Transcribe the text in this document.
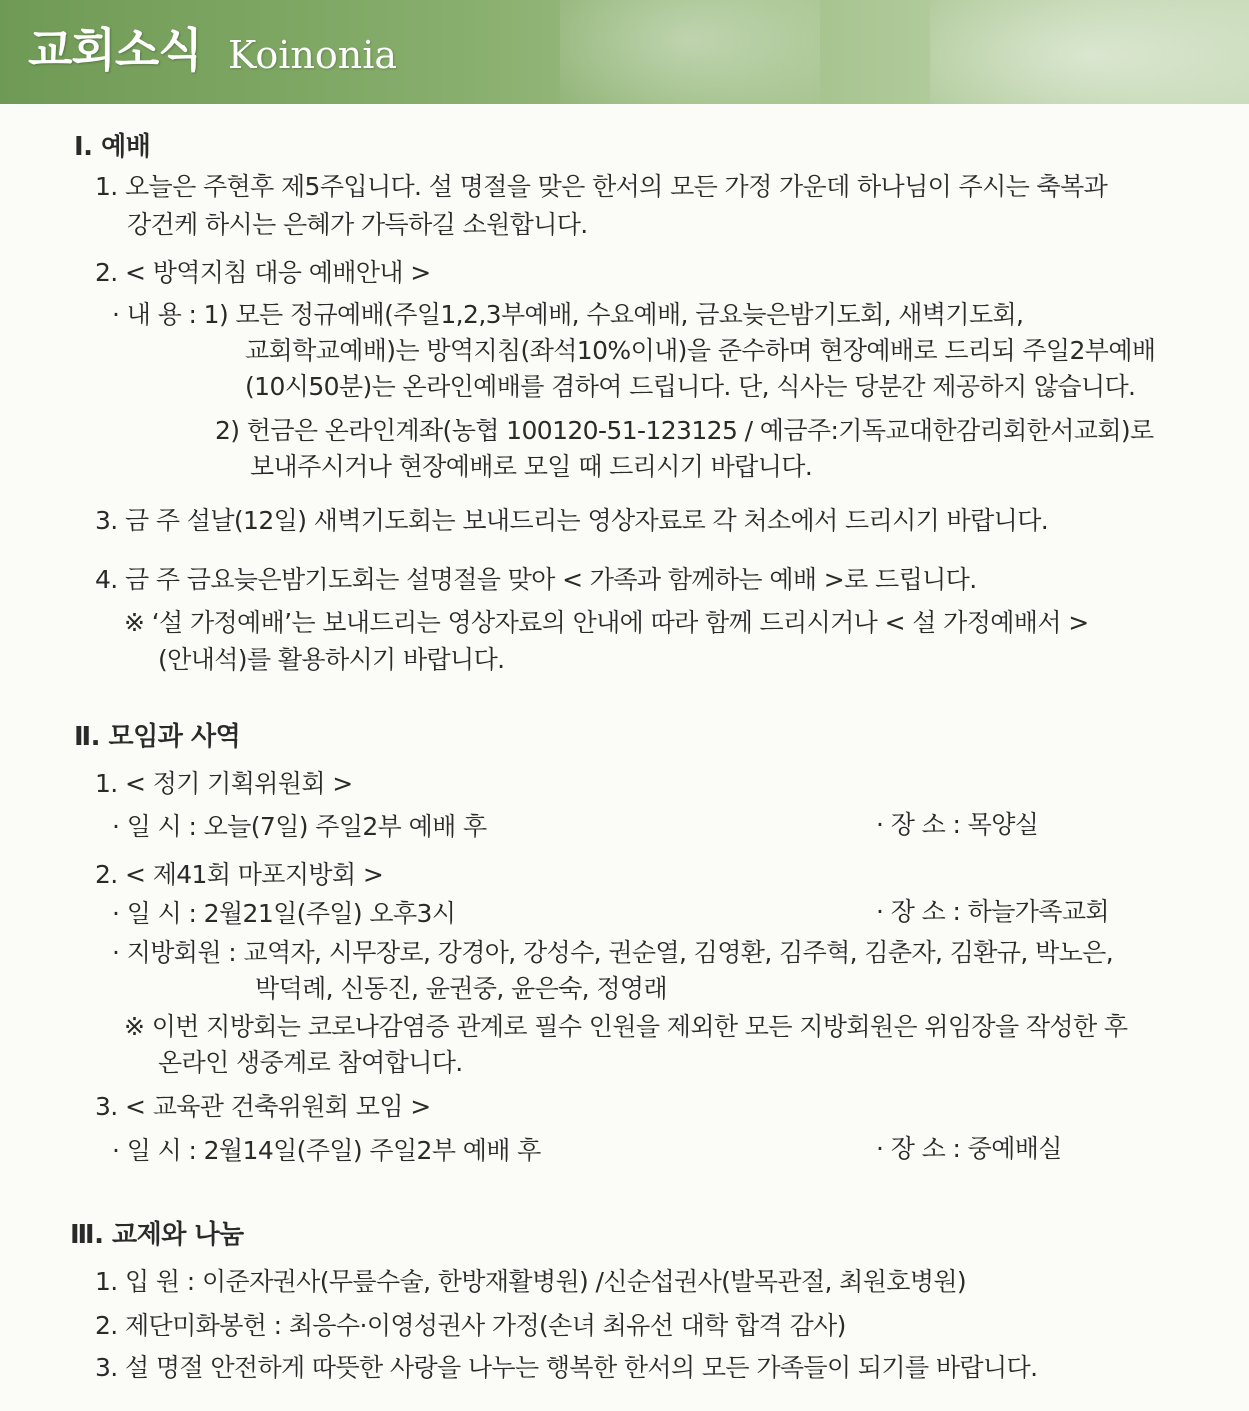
교회소식 Koinonia
Ⅰ. 예배
1. 오늘은 주현후 제5주입니다. 설 명절을 맞은 한서의 모든 가정 가운데 하나님이 주시는 축복과
강건케 하시는 은혜가 가득하길 소원합니다.
2. < 방역지침 대응 예배안내 >
· 내 용 : 1) 모든 정규예배(주일1,2,3부예배, 수요예배, 금요늦은밤기도회, 새벽기도회,
교회학교예배)는 방역지침(좌석10%이내)을 준수하며 현장예배로 드리되 주일2부예배
(10시50분)는 온라인예배를 겸하여 드립니다. 단, 식사는 당분간 제공하지 않습니다.
2) 헌금은 온라인계좌(농협 100120-51-123125 / 예금주:기독교대한감리회한서교회)로
보내주시거나 현장예배로 모일 때 드리시기 바랍니다.
3. 금 주 설날(12일) 새벽기도회는 보내드리는 영상자료로 각 처소에서 드리시기 바랍니다.
4. 금 주 금요늦은밤기도회는 설명절을 맞아 < 가족과 함께하는 예배 >로 드립니다.
※ ‘설 가정예배’는 보내드리는 영상자료의 안내에 따라 함께 드리시거나 < 설 가정예배서 >
(안내석)를 활용하시기 바랍니다.
Ⅱ. 모임과 사역
1. < 정기 기획위원회 >
· 일 시 : 오늘(7일) 주일2부 예배 후	· 장 소 : 목양실
2. < 제41회 마포지방회 >
· 일 시 : 2월21일(주일) 오후3시	· 장 소 : 하늘가족교회
· 지방회원 : 교역자, 시무장로, 강경아, 강성수, 권순열, 김영환, 김주혁, 김춘자, 김환규, 박노은,
박덕례, 신동진, 윤권중, 윤은숙, 정영래
※ 이번 지방회는 코로나감염증 관계로 필수 인원을 제외한 모든 지방회원은 위임장을 작성한 후
온라인 생중계로 참여합니다.
3. < 교육관 건축위원회 모임 >
· 일 시 : 2월14일(주일) 주일2부 예배 후	· 장 소 : 중예배실
Ⅲ. 교제와 나눔
1. 입 원 : 이준자권사(무릎수술, 한방재활병원) /신순섭권사(발목관절, 최원호병원)
2. 제단미화봉헌 : 최응수·이영성권사 가정(손녀 최유선 대학 합격 감사)
3. 설 명절 안전하게 따뜻한 사랑을 나누는 행복한 한서의 모든 가족들이 되기를 바랍니다.
